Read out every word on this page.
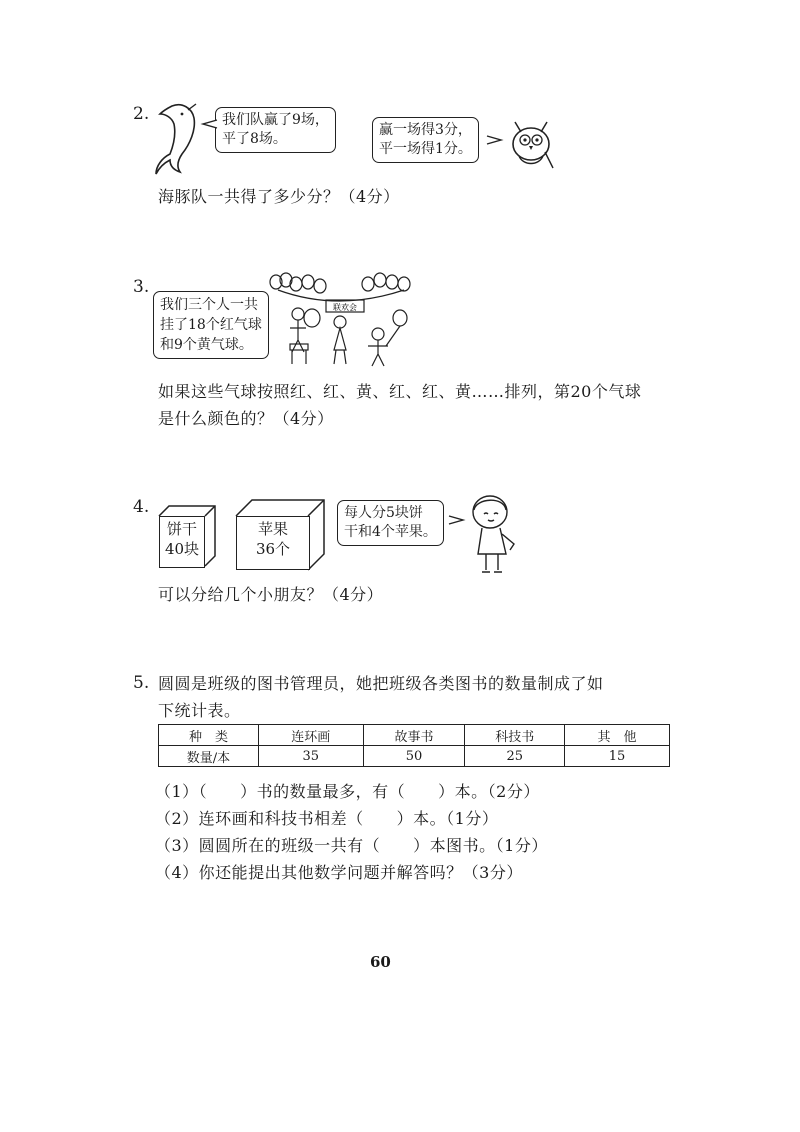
2.	我们队赢了9场，
平了8场。
赢一场得3分，
平一场得1分。
海豚队一共得了多少分？（4分）
3.
我们三个人一共
挂了18个红气球
和9个黄气球。
联欢会
如果这些气球按照红、红、黄、红、红、黄……排列，第20个气球
是什么颜色的？（4分）
4.
饼干
40块
苹果
36个
每人分5块饼
干和4个苹果。
可以分给几个小朋友？（4分）
5. 圆圆是班级的图书管理员，她把班级各类图书的数量制成了如
下统计表。
种　类	连环画	故事书	科技书	其　他
数量/本	35	50	25	15
（1）（　　）书的数量最多，有（　　）本。（2分）
（2）连环画和科技书相差（　　）本。（1分）
（3）圆圆所在的班级一共有（　　）本图书。（1分）
（4）你还能提出其他数学问题并解答吗？（3分）
60
